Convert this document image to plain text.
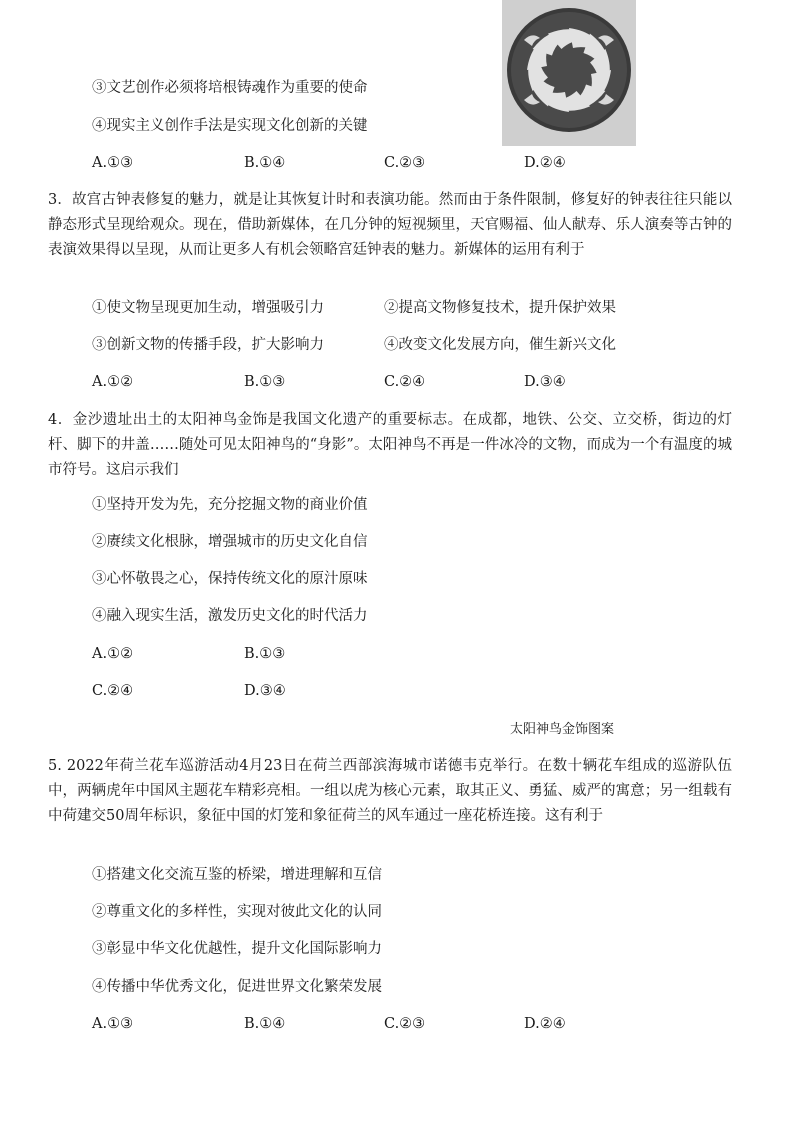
③文艺创作必须将培根铸魂作为重要的使命
④现实主义创作手法是实现文化创新的关键
A.①③	B.①④	C.②③	D.②④
3．故宫古钟表修复的魅力，就是让其恢复计时和表演功能。然而由于条件限制，修复好的钟表往往只能以静态形式呈现给观众。现在，借助新媒体，在几分钟的短视频里，天官赐福、仙人献寿、乐人演奏等古钟的表演效果得以呈现，从而让更多人有机会领略宫廷钟表的魅力。新媒体的运用有利于
①使文物呈现更加生动，增强吸引力	②提高文物修复技术，提升保护效果
③创新文物的传播手段，扩大影响力	④改变文化发展方向，催生新兴文化
A.①②	B.①③	C.②④	D.③④
4．金沙遗址出土的太阳神鸟金饰是我国文化遗产的重要标志。在成都，地铁、公交、立交桥，街边的灯杆、脚下的井盖……随处可见太阳神鸟的“身影”。太阳神鸟不再是一件冰冷的文物，而成为一个有温度的城市符号。这启示我们
①坚持开发为先，充分挖掘文物的商业价值
②赓续文化根脉，增强城市的历史文化自信
③心怀敬畏之心，保持传统文化的原汁原味
④融入现实生活，激发历史文化的时代活力
A.①②	B.①③
C.②④	D.③④
太阳神鸟金饰图案
5. 2022年荷兰花车巡游活动4月23日在荷兰西部滨海城市诺德韦克举行。在数十辆花车组成的巡游队伍中，两辆虎年中国风主题花车精彩亮相。一组以虎为核心元素，取其正义、勇猛、威严的寓意；另一组载有中荷建交50周年标识，象征中国的灯笼和象征荷兰的风车通过一座花桥连接。这有利于
①搭建文化交流互鉴的桥梁，增进理解和互信
②尊重文化的多样性，实现对彼此文化的认同
③彰显中华文化优越性，提升文化国际影响力
④传播中华优秀文化，促进世界文化繁荣发展
A.①③	B.①④	C.②③	D.②④
